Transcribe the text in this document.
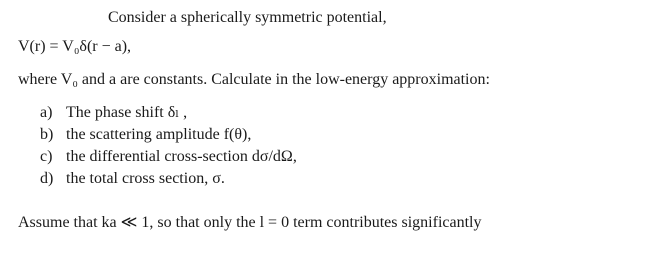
Consider a spherically symmetric potential,
V(r) = V₀δ(r − a),
where V₀ and a are constants. Calculate in the low-energy approximation:
a) The phase shift δₗ ,
b) the scattering amplitude f(θ),
c) the differential cross-section dσ/dΩ,
d) the total cross section, σ.
Assume that ka ≪ 1, so that only the l = 0 term contributes significantly
